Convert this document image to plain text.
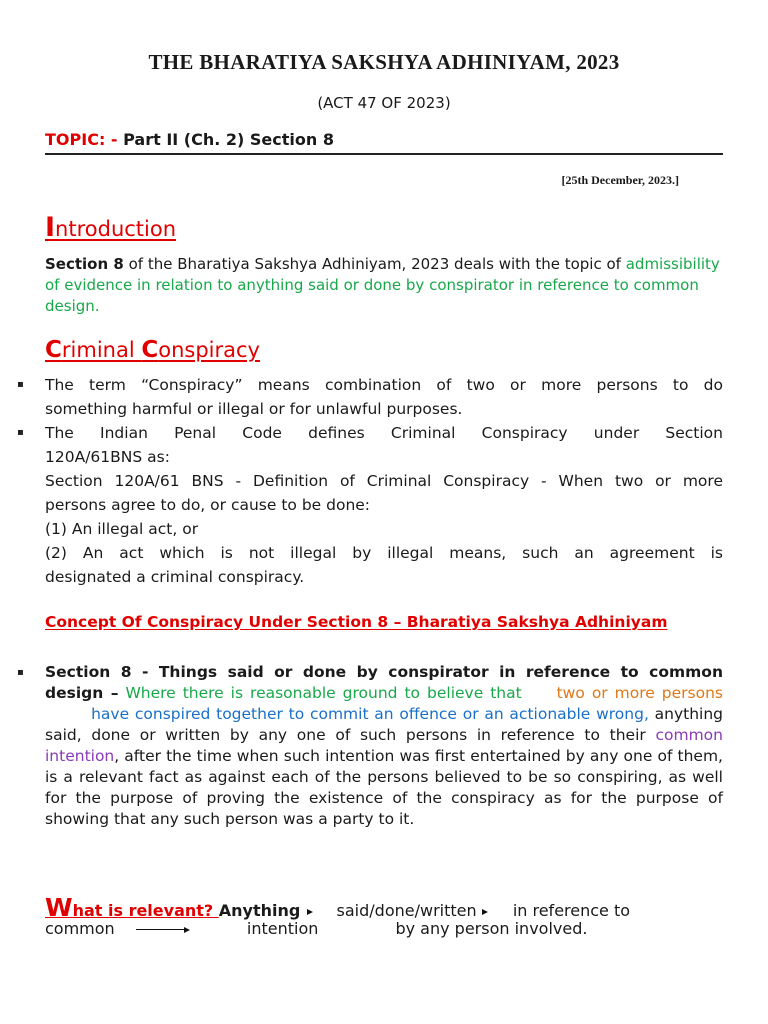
THE BHARATIYA SAKSHYA ADHINIYAM, 2023
(ACT 47 OF 2023)
TOPIC: - Part II (Ch. 2) Section 8
[25th December, 2023.]
Introduction
Section 8 of the Bharatiya Sakshya Adhiniyam, 2023 deals with the topic of admissibility of evidence in relation to anything said or done by conspirator in reference to common design.
Criminal Conspiracy
▪ The term “Conspiracy” means combination of two or more persons to do
something harmful or illegal or for unlawful purposes.
▪ The Indian Penal Code defines Criminal Conspiracy under Section
120A/61BNS as:
Section 120A/61 BNS - Definition of Criminal Conspiracy - When two or more
persons agree to do, or cause to be done:
(1) An illegal act, or
(2) An act which is not illegal by illegal means, such an agreement is
designated a criminal conspiracy.
Concept Of Conspiracy Under Section 8 – Bharatiya Sakshya Adhiniyam
▪ Section 8 - Things said or done by conspirator in reference to common design – Where there is reasonable ground to believe that two or more persons         have conspired together to commit an offence or an actionable wrong, anything said, done or written by any one of such persons in reference to their common intention, after the time when such intention was first entertained by any one of them, is a relevant fact as against each of the persons believed to be so conspiring, as well for the purpose of proving the existence of the conspiracy as for the purpose of showing that any such person was a party to it.
What is relevant? Anything said/done/written in reference to
common	intention	by any person involved.
